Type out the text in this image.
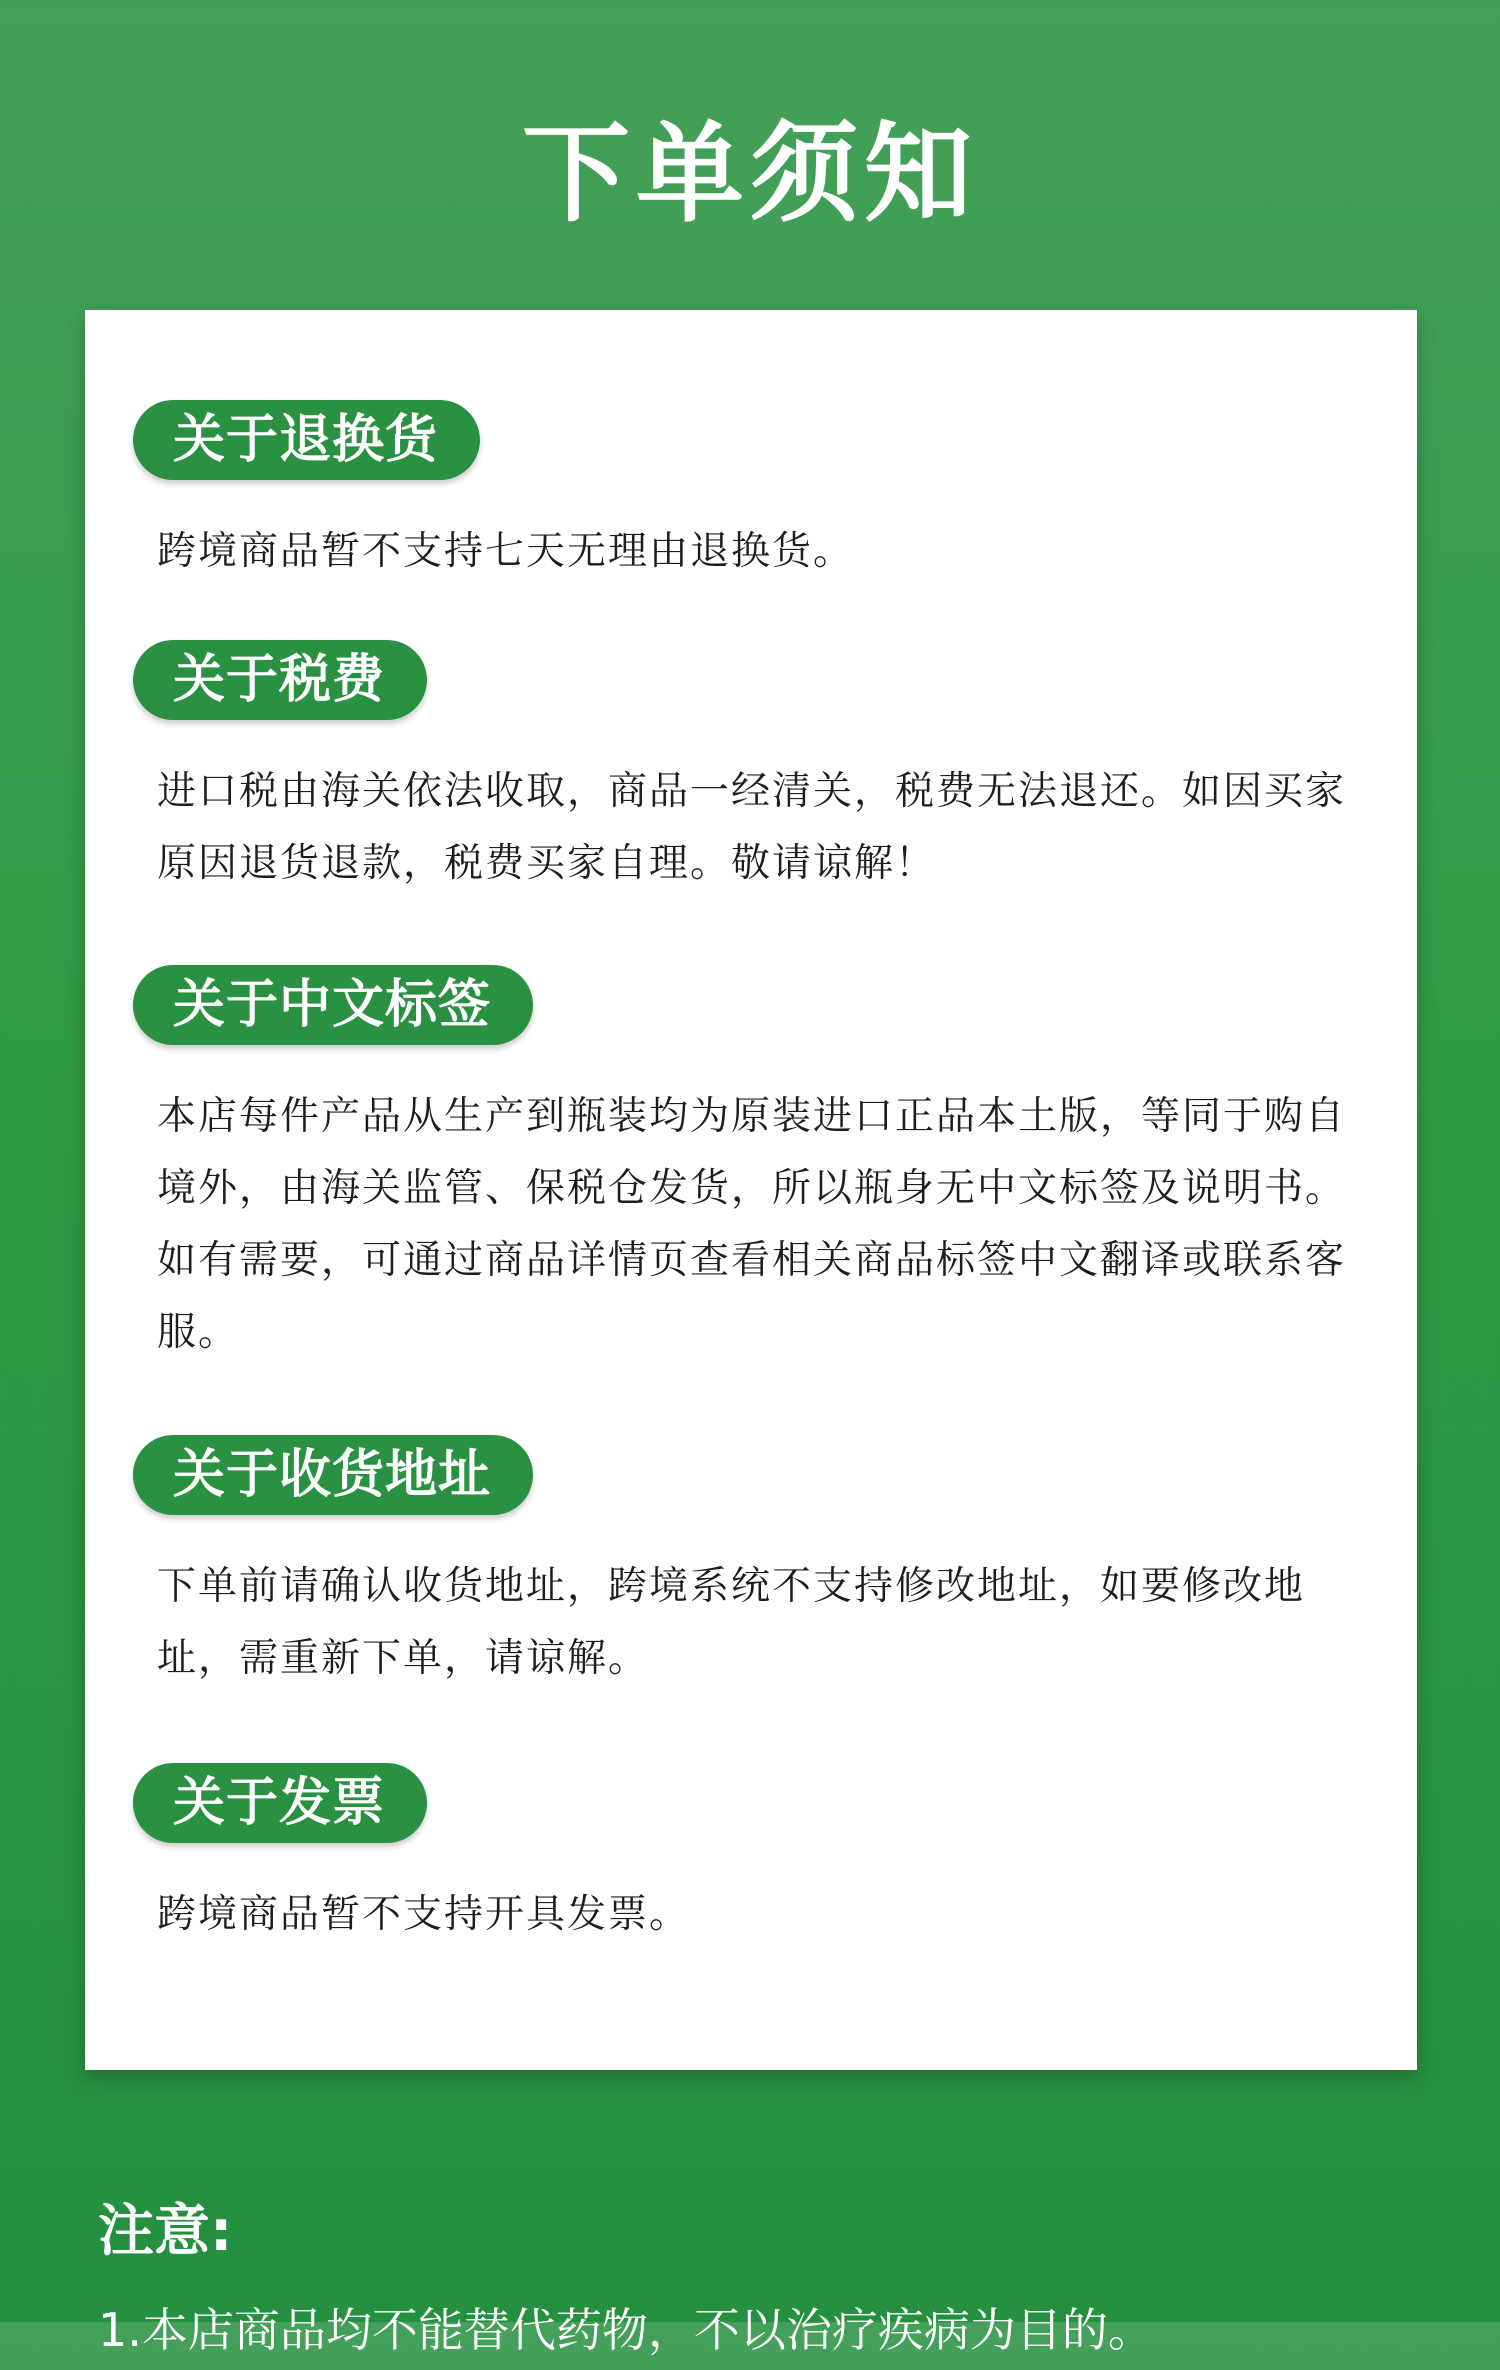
下单须知
关于退换货
跨境商品暂不支持七天无理由退换货。
关于税费
进口税由海关依法收取，商品一经清关，税费无法退还。如因买家原因退货退款，税费买家自理。敬请谅解！
关于中文标签
本店每件产品从生产到瓶装均为原装进口正品本土版，等同于购自境外，由海关监管、保税仓发货，所以瓶身无中文标签及说明书。如有需要，可通过商品详情页查看相关商品标签中文翻译或联系客服。
关于收货地址
下单前请确认收货地址，跨境系统不支持修改地址，如要修改地址，需重新下单，请谅解。
关于发票
跨境商品暂不支持开具发票。
注意:
1.本店商品均不能替代药物，不以治疗疾病为目的。
